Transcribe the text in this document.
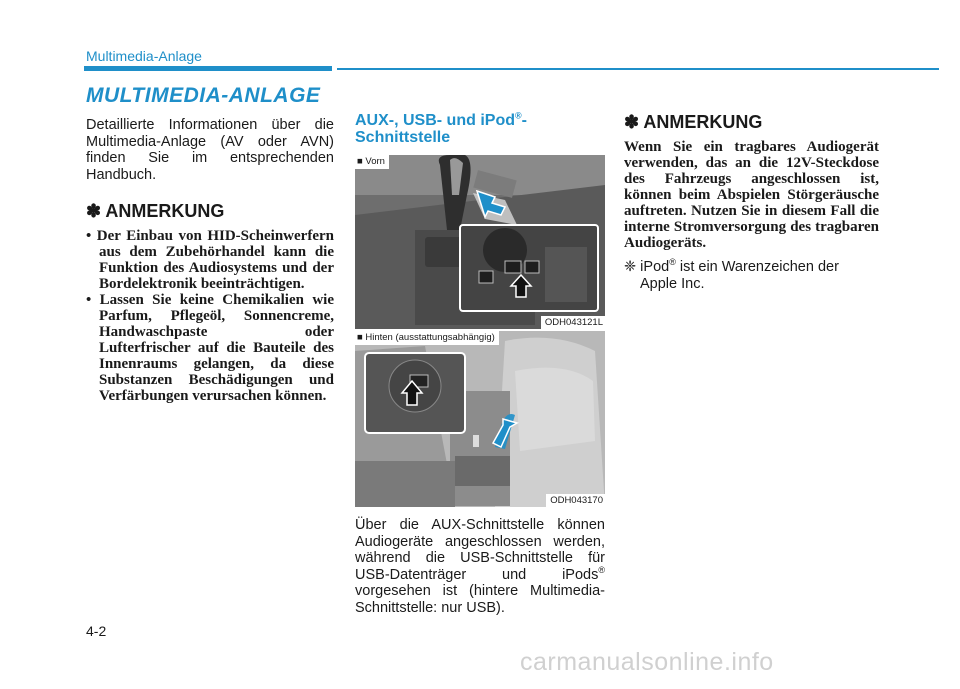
Multimedia-Anlage
MULTIMEDIA-ANLAGE

Detaillierte Informationen über die Multimedia-Anlage (AV oder AVN) finden Sie im entsprechenden Handbuch.

✽ ANMERKUNG
• Der Einbau von HID-Scheinwerfern aus dem Zubehörhandel kann die Funktion des Audiosystems und der Bordelektronik beeinträchtigen.
• Lassen Sie keine Chemikalien wie Parfum, Pflegeöl, Sonnencreme, Handwaschpaste oder Lufterfrischer auf die Bauteile des Innenraums gelangen, da diese Substanzen Beschädigungen und Verfärbungen verursachen können.
AUX-, USB- und iPod®-Schnittstelle
■ Vorn
ODH043121L
■ Hinten (ausstattungsabhängig)
ODH043170

Über die AUX-Schnittstelle können Audiogeräte angeschlossen werden, während die USB-Schnittstelle für USB-Datenträger und iPods® vorgesehen ist (hintere Multimedia-Schnittstelle: nur USB).

✽ ANMERKUNG

Wenn Sie ein tragbares Audiogerät verwenden, das an die 12V-Steckdose des Fahrzeugs angeschlossen ist, können beim Abspielen Störgeräusche auftreten. Nutzen Sie in diesem Fall die interne Stromversorgung des tragbaren Audiogeräts.

❈ iPod® ist ein Warenzeichen der Apple Inc.

4-2
carmanualsonline.info
